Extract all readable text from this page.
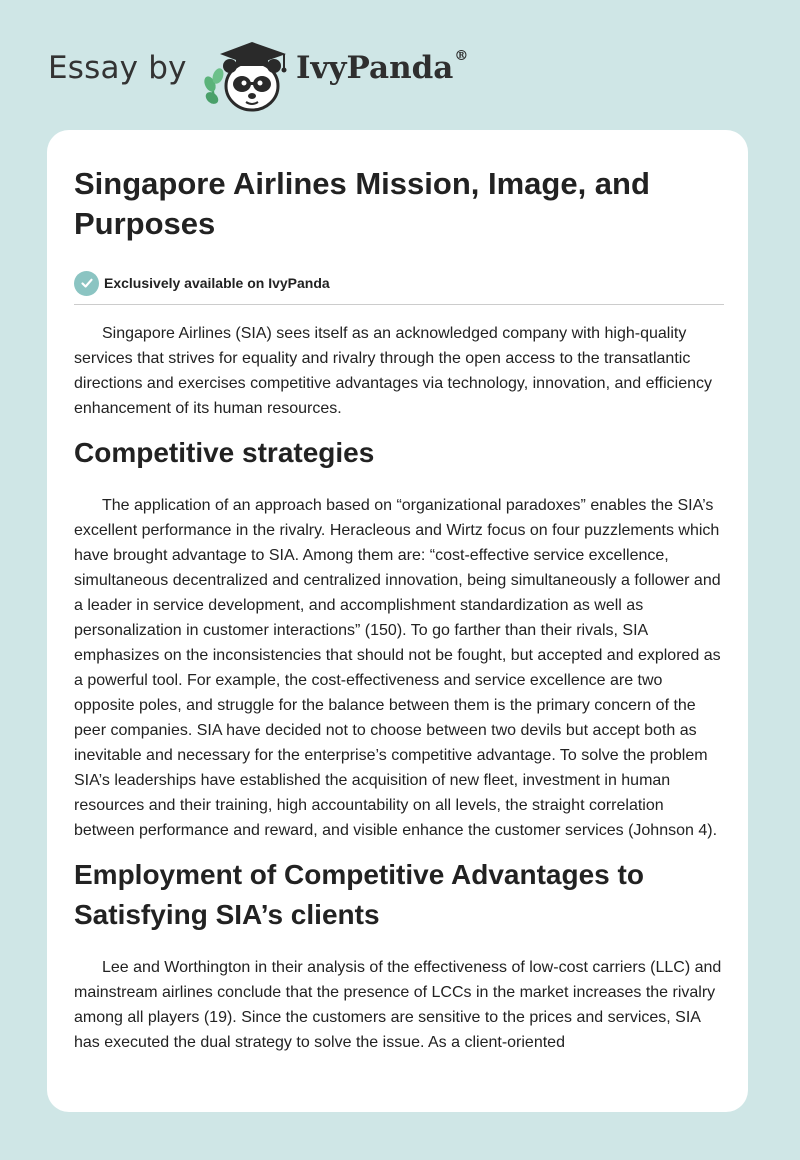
Essay by	IvyPanda®
Singapore Airlines Mission, Image, and Purposes
Exclusively available on IvyPanda

Singapore Airlines (SIA) sees itself as an acknowledged company with high-quality services that strives for equality and rivalry through the open access to the transatlantic directions and exercises competitive advantages via technology, innovation, and efficiency enhancement of its human resources.

Competitive strategies

The application of an approach based on “organizational paradoxes” enables the SIA’s excellent performance in the rivalry. Heracleous and Wirtz focus on four puzzlements which have brought advantage to SIA. Among them are: “cost-effective service excellence, simultaneous decentralized and centralized innovation, being simultaneously a follower and a leader in service development, and accomplishment standardization as well as personalization in customer interactions” (150). To go farther than their rivals, SIA emphasizes on the inconsistencies that should not be fought, but accepted and explored as a powerful tool. For example, the cost-effectiveness and service excellence are two opposite poles, and struggle for the balance between them is the primary concern of the peer companies. SIA have decided not to choose between two devils but accept both as inevitable and necessary for the enterprise’s competitive advantage. To solve the problem SIA’s leaderships have established the acquisition of new fleet, investment in human resources and their training, high accountability on all levels, the straight correlation between performance and reward, and visible enhance the customer services (Johnson 4).

Employment of Competitive Advantages to Satisfying SIA’s clients

Lee and Worthington in their analysis of the effectiveness of low-cost carriers (LLC) and mainstream airlines conclude that the presence of LCCs in the market increases the rivalry among all players (19). Since the customers are sensitive to the prices and services, SIA has executed the dual strategy to solve the issue. As a client-oriented
